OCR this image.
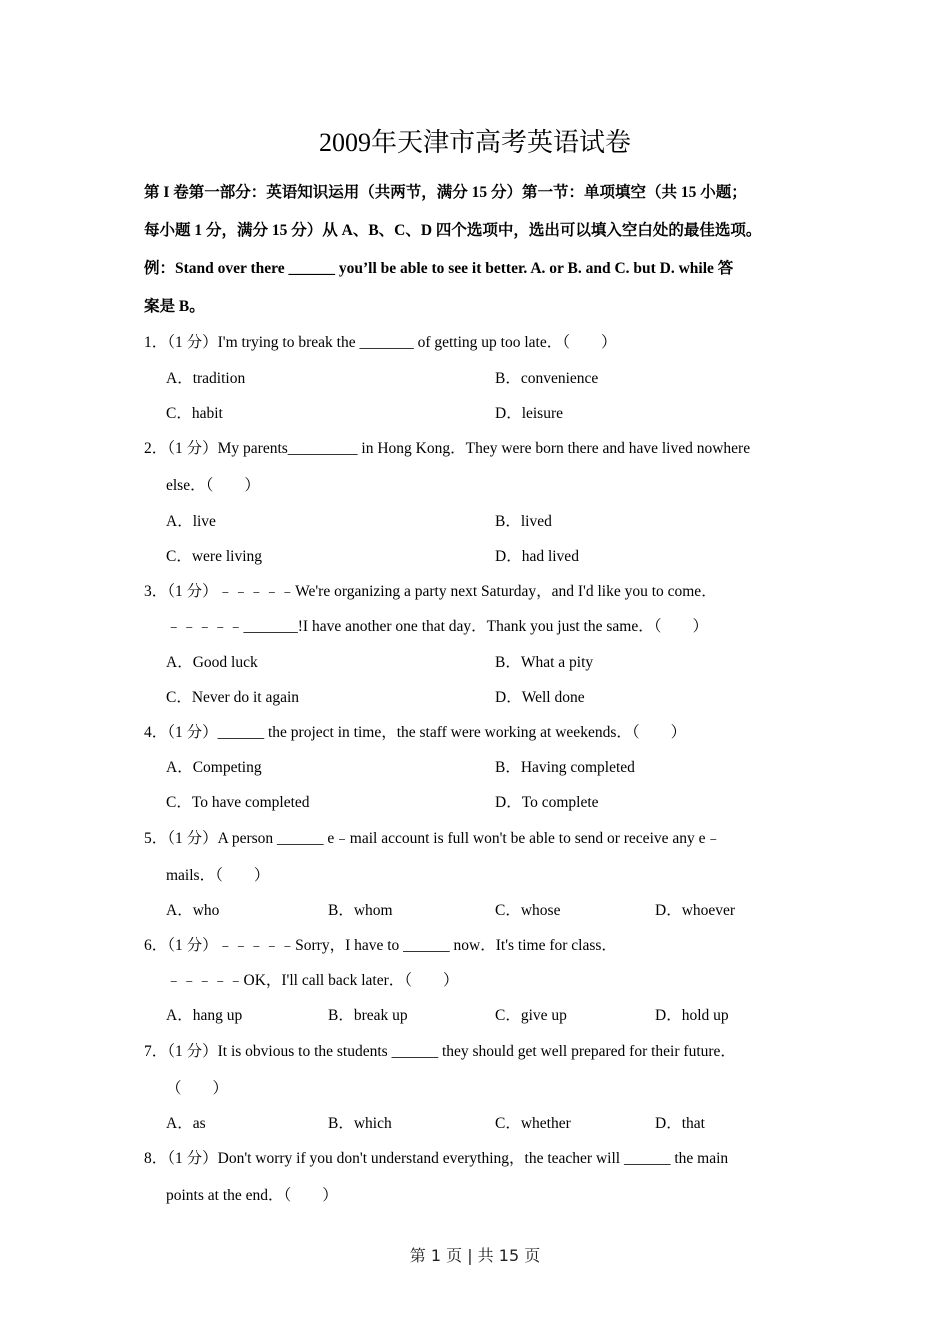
2009年天津市高考英语试卷

第 I 卷第一部分：英语知识运用（共两节，满分 15 分）第一节：单项填空（共 15 小题；

每小题 1 分，满分 15 分）从 A、B、C、D 四个选项中，选出可以填入空白处的最佳选项。

例：Stand over there ______ you’ll be able to see it better. A. or B. and C. but D. while 答

案是 B。

1．（1 分）I'm trying to break the _______ of getting up too late．（　　）
A．tradition	B．convenience
C．habit	D．leisure
2．（1 分）My parents_________ in Hong Kong．They were born there and have lived nowhere
else．（　　）
A．live	B．lived
C．were living	D．had lived
3．（1 分）﹣﹣﹣﹣﹣We're organizing a party next Saturday，and I'd like you to come．
﹣﹣﹣﹣﹣_______!I have another one that day．Thank you just the same．（　　）
A．Good luck	B．What a pity
C．Never do it again	D．Well done
4．（1 分）______ the project in time，the staff were working at weekends．（　　）
A．Competing	B．Having completed
C．To have completed	D．To complete
5．（1 分）A person ______ e﹣mail account is full won't be able to send or receive any e﹣
mails．（　　）
A．who	B．whom	C．whose	D．whoever
6．（1 分）﹣﹣﹣﹣﹣Sorry，I have to ______ now．It's time for class．
﹣﹣﹣﹣﹣OK，I'll call back later．（　　）
A．hang up	B．break up	C．give up	D．hold up
7．（1 分）It is obvious to the students ______ they should get well prepared for their future．
（　　）
A．as	B．which	C．whether	D．that
8．（1 分）Don't worry if you don't understand everything，the teacher will ______ the main
points at the end．（　　）
第 1 页 | 共 15 页
